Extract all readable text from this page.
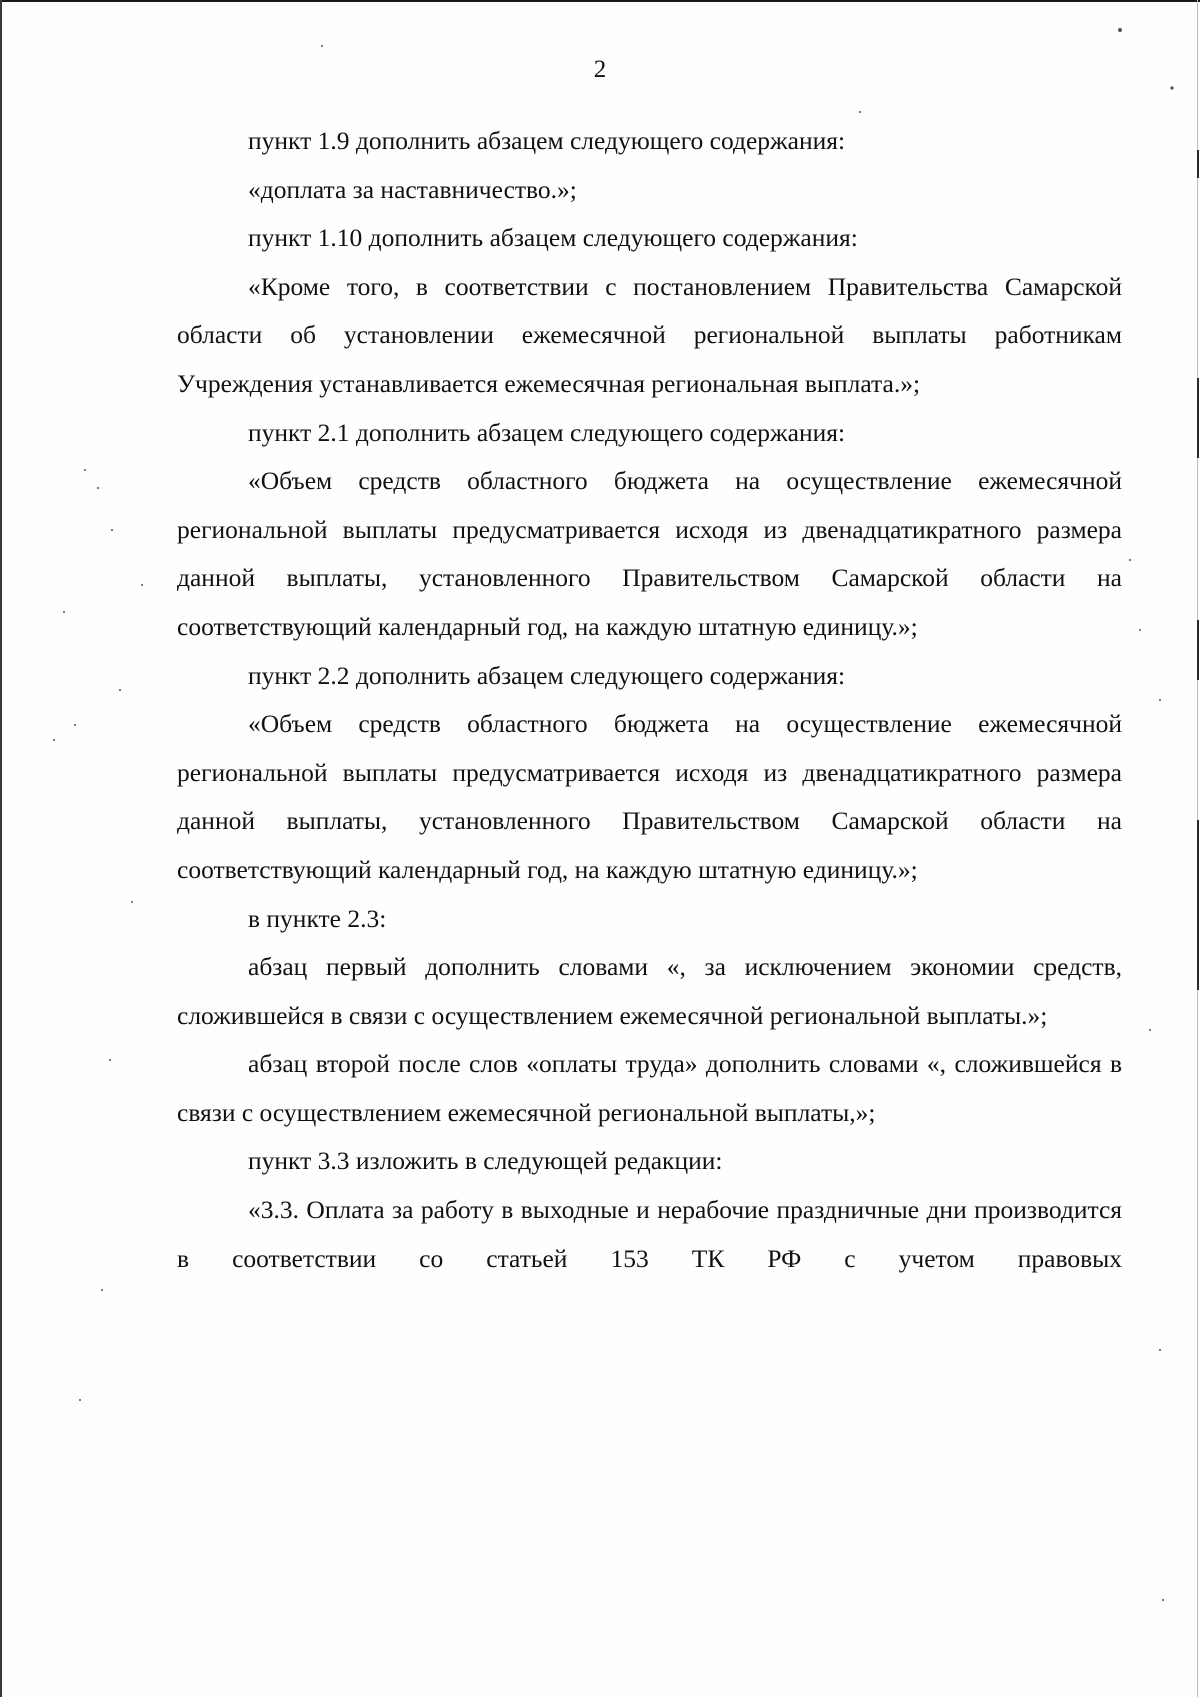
2

пункт 1.9 дополнить абзацем следующего содержания:

«доплата за наставничество.»;

пункт 1.10 дополнить абзацем следующего содержания:

«Кроме того, в соответствии с постановлением Правительства Самарской области об установлении ежемесячной региональной выплаты работникам Учреждения устанавливается ежемесячная региональная выплата.»;

пункт 2.1 дополнить абзацем следующего содержания:

«Объем средств областного бюджета на осуществление ежемесячной региональной выплаты предусматривается исходя из двенадцатикратного размера данной выплаты, установленного Правительством Самарской области на соответствующий календарный год, на каждую штатную единицу.»;

пункт 2.2 дополнить абзацем следующего содержания:

«Объем средств областного бюджета на осуществление ежемесячной региональной выплаты предусматривается исходя из двенадцатикратного размера данной выплаты, установленного Правительством Самарской области на соответствующий календарный год, на каждую штатную единицу.»;

в пункте 2.3:

абзац первый дополнить словами «, за исключением экономии средств, сложившейся в связи с осуществлением ежемесячной региональной выплаты.»;

абзац второй после слов «оплаты труда» дополнить словами «, сложившейся в связи с осуществлением ежемесячной региональной выплаты,»;

пункт 3.3 изложить в следующей редакции:

«3.3. Оплата за работу в выходные и нерабочие праздничные дни производится в соответствии со статьей 153 ТК РФ с учетом правовых
